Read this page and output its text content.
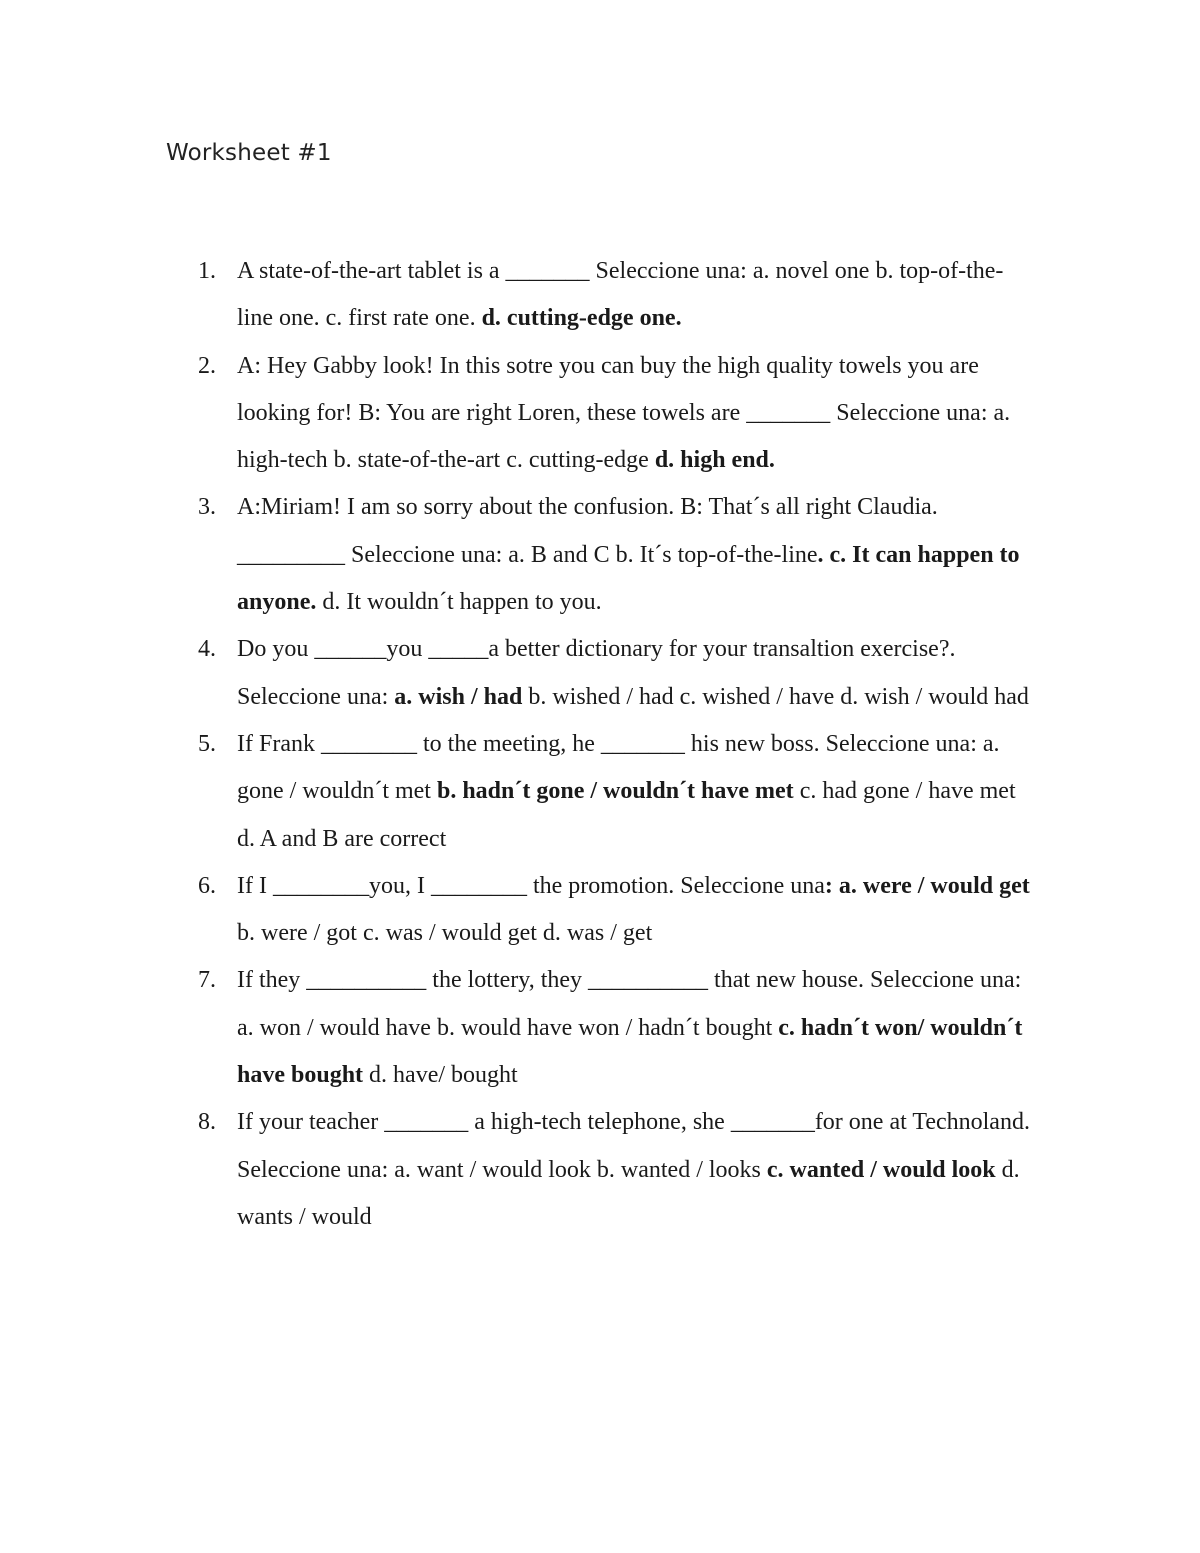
Worksheet #1
1. A state-of-the-art tablet is a _______ Seleccione una: a. novel one b. top-of-the-line one. c. first rate one. d. cutting-edge one.
2. A: Hey Gabby look! In this sotre you can buy the high quality towels you are looking for! B: You are right Loren, these towels are _______ Seleccione una: a. high-tech b. state-of-the-art c. cutting-edge d. high end.
3. A:Miriam! I am so sorry about the confusion. B: That´s all right Claudia. _________ Seleccione una: a. B and C b. It´s top-of-the-line. c. It can happen to anyone. d. It wouldn´t happen to you.
4. Do you ______you _____a better dictionary for your transaltion exercise?. Seleccione una: a. wish / had b. wished / had c. wished / have d. wish / would had
5. If Frank ________ to the meeting, he _______ his new boss. Seleccione una: a. gone / wouldn´t met b. hadn´t gone / wouldn´t have met c. had gone / have met d. A and B are correct
6. If I ________you, I ________ the promotion. Seleccione una: a. were / would get b. were / got c. was / would get d. was / get
7. If they __________ the lottery, they __________ that new house. Seleccione una: a. won / would have b. would have won / hadn´t bought c. hadn´t won/ wouldn´t have bought d. have/ bought
8. If your teacher _______ a high-tech telephone, she _______for one at Technoland. Seleccione una: a. want / would look b. wanted / looks c. wanted / would look d. wants / would
